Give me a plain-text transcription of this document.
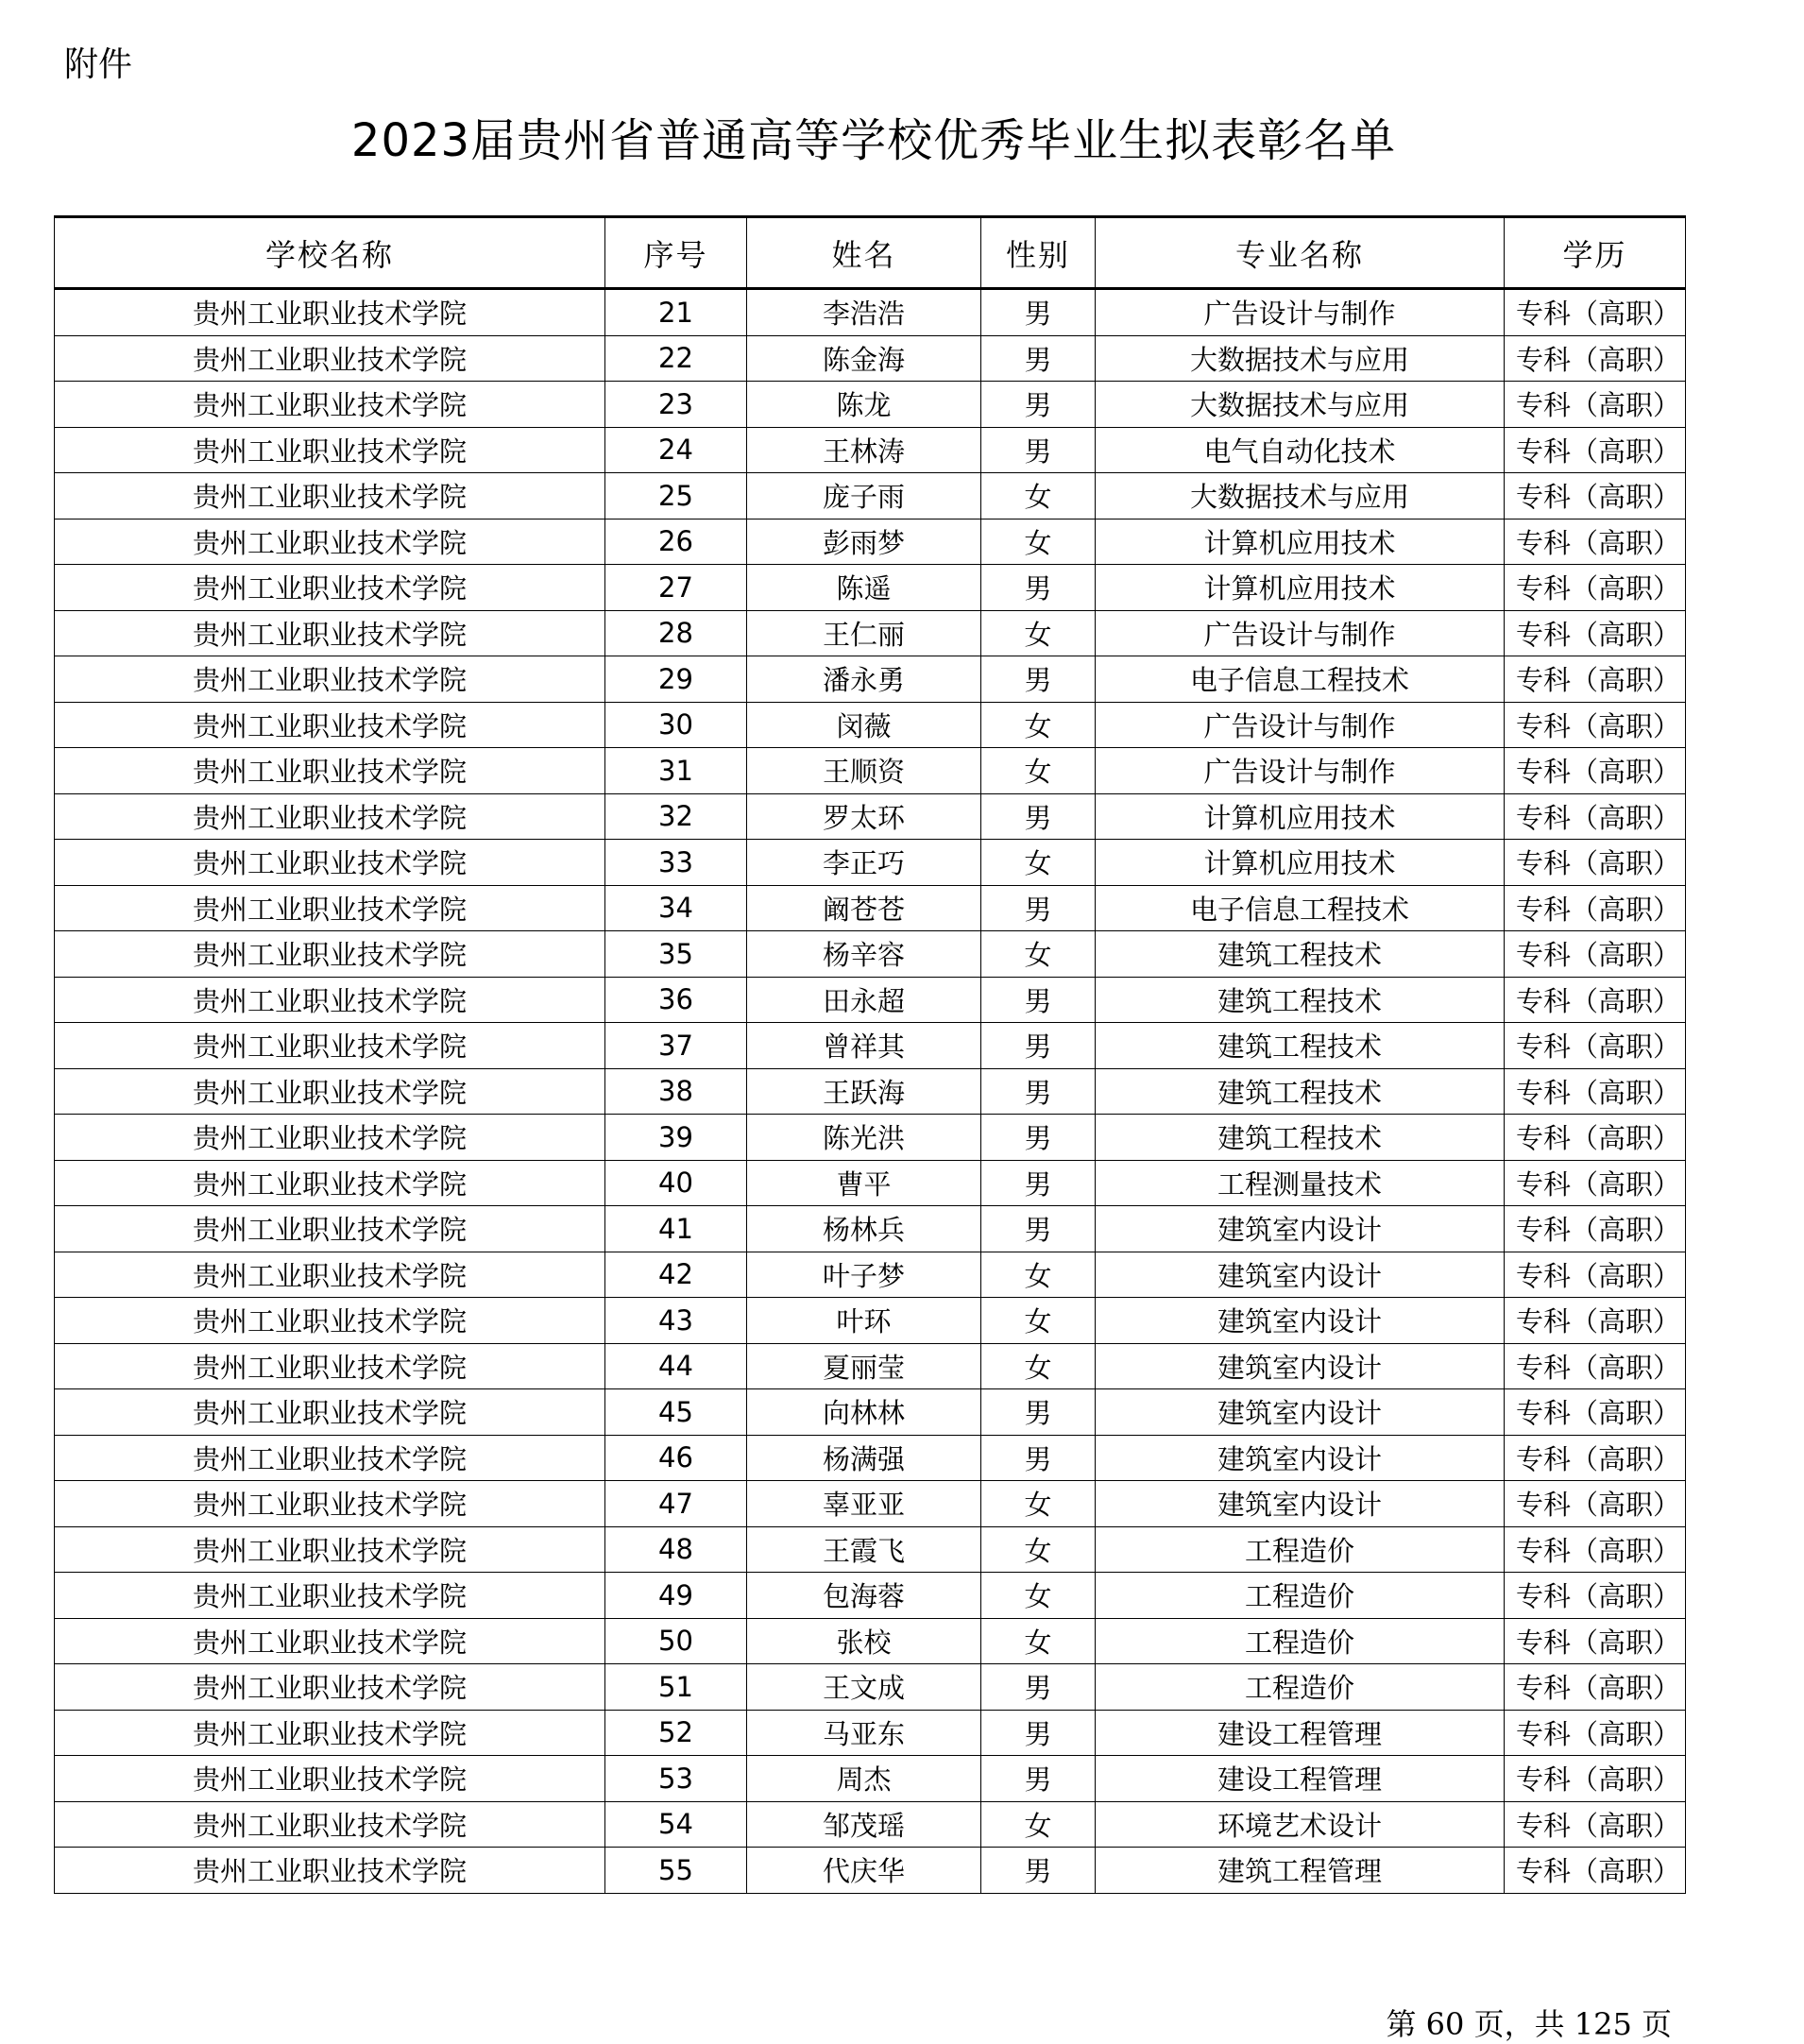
附件
2023届贵州省普通高等学校优秀毕业生拟表彰名单
学校名称	序号	姓名	性别	专业名称	学历
贵州工业职业技术学院	21	李浩浩	男	广告设计与制作	专科（高职）
贵州工业职业技术学院	22	陈金海	男	大数据技术与应用	专科（高职）
贵州工业职业技术学院	23	陈龙	男	大数据技术与应用	专科（高职）
贵州工业职业技术学院	24	王林涛	男	电气自动化技术	专科（高职）
贵州工业职业技术学院	25	庞子雨	女	大数据技术与应用	专科（高职）
贵州工业职业技术学院	26	彭雨梦	女	计算机应用技术	专科（高职）
贵州工业职业技术学院	27	陈遥	男	计算机应用技术	专科（高职）
贵州工业职业技术学院	28	王仁丽	女	广告设计与制作	专科（高职）
贵州工业职业技术学院	29	潘永勇	男	电子信息工程技术	专科（高职）
贵州工业职业技术学院	30	闵薇	女	广告设计与制作	专科（高职）
贵州工业职业技术学院	31	王顺资	女	广告设计与制作	专科（高职）
贵州工业职业技术学院	32	罗太环	男	计算机应用技术	专科（高职）
贵州工业职业技术学院	33	李正巧	女	计算机应用技术	专科（高职）
贵州工业职业技术学院	34	阚苍苍	男	电子信息工程技术	专科（高职）
贵州工业职业技术学院	35	杨辛容	女	建筑工程技术	专科（高职）
贵州工业职业技术学院	36	田永超	男	建筑工程技术	专科（高职）
贵州工业职业技术学院	37	曾祥其	男	建筑工程技术	专科（高职）
贵州工业职业技术学院	38	王跃海	男	建筑工程技术	专科（高职）
贵州工业职业技术学院	39	陈光洪	男	建筑工程技术	专科（高职）
贵州工业职业技术学院	40	曹平	男	工程测量技术	专科（高职）
贵州工业职业技术学院	41	杨林兵	男	建筑室内设计	专科（高职）
贵州工业职业技术学院	42	叶子梦	女	建筑室内设计	专科（高职）
贵州工业职业技术学院	43	叶环	女	建筑室内设计	专科（高职）
贵州工业职业技术学院	44	夏丽莹	女	建筑室内设计	专科（高职）
贵州工业职业技术学院	45	向林林	男	建筑室内设计	专科（高职）
贵州工业职业技术学院	46	杨满强	男	建筑室内设计	专科（高职）
贵州工业职业技术学院	47	辜亚亚	女	建筑室内设计	专科（高职）
贵州工业职业技术学院	48	王霞飞	女	工程造价	专科（高职）
贵州工业职业技术学院	49	包海蓉	女	工程造价	专科（高职）
贵州工业职业技术学院	50	张校	女	工程造价	专科（高职）
贵州工业职业技术学院	51	王文成	男	工程造价	专科（高职）
贵州工业职业技术学院	52	马亚东	男	建设工程管理	专科（高职）
贵州工业职业技术学院	53	周杰	男	建设工程管理	专科（高职）
贵州工业职业技术学院	54	邹茂瑶	女	环境艺术设计	专科（高职）
贵州工业职业技术学院	55	代庆华	男	建筑工程管理	专科（高职）
第 60 页，共 125 页
